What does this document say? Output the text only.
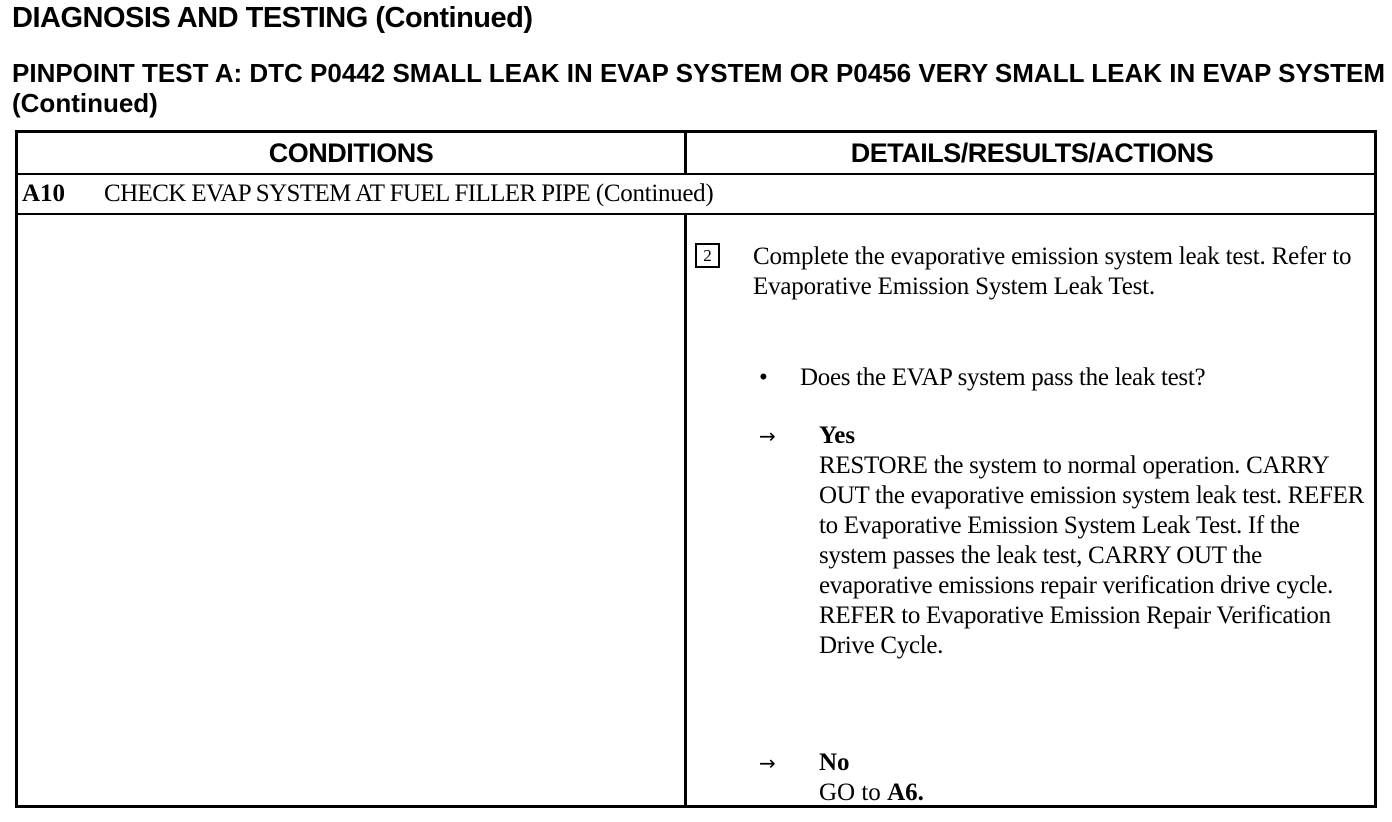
DIAGNOSIS AND TESTING (Continued)
PINPOINT TEST A: DTC P0442 SMALL LEAK IN EVAP SYSTEM OR P0456 VERY SMALL LEAK IN EVAP SYSTEM (Continued)
CONDITIONS	DETAILS/RESULTS/ACTIONS
A10 CHECK EVAP SYSTEM AT FUEL FILLER PIPE (Continued)
2	Complete the evaporative emission system leak test. Refer to Evaporative Emission System Leak Test.
• Does the EVAP system pass the leak test?
→ Yes
RESTORE the system to normal operation. CARRY OUT the evaporative emission system leak test. REFER to Evaporative Emission System Leak Test. If the system passes the leak test, CARRY OUT the evaporative emissions repair verification drive cycle. REFER to Evaporative Emission Repair Verification Drive Cycle.
→ No
GO to A6.
